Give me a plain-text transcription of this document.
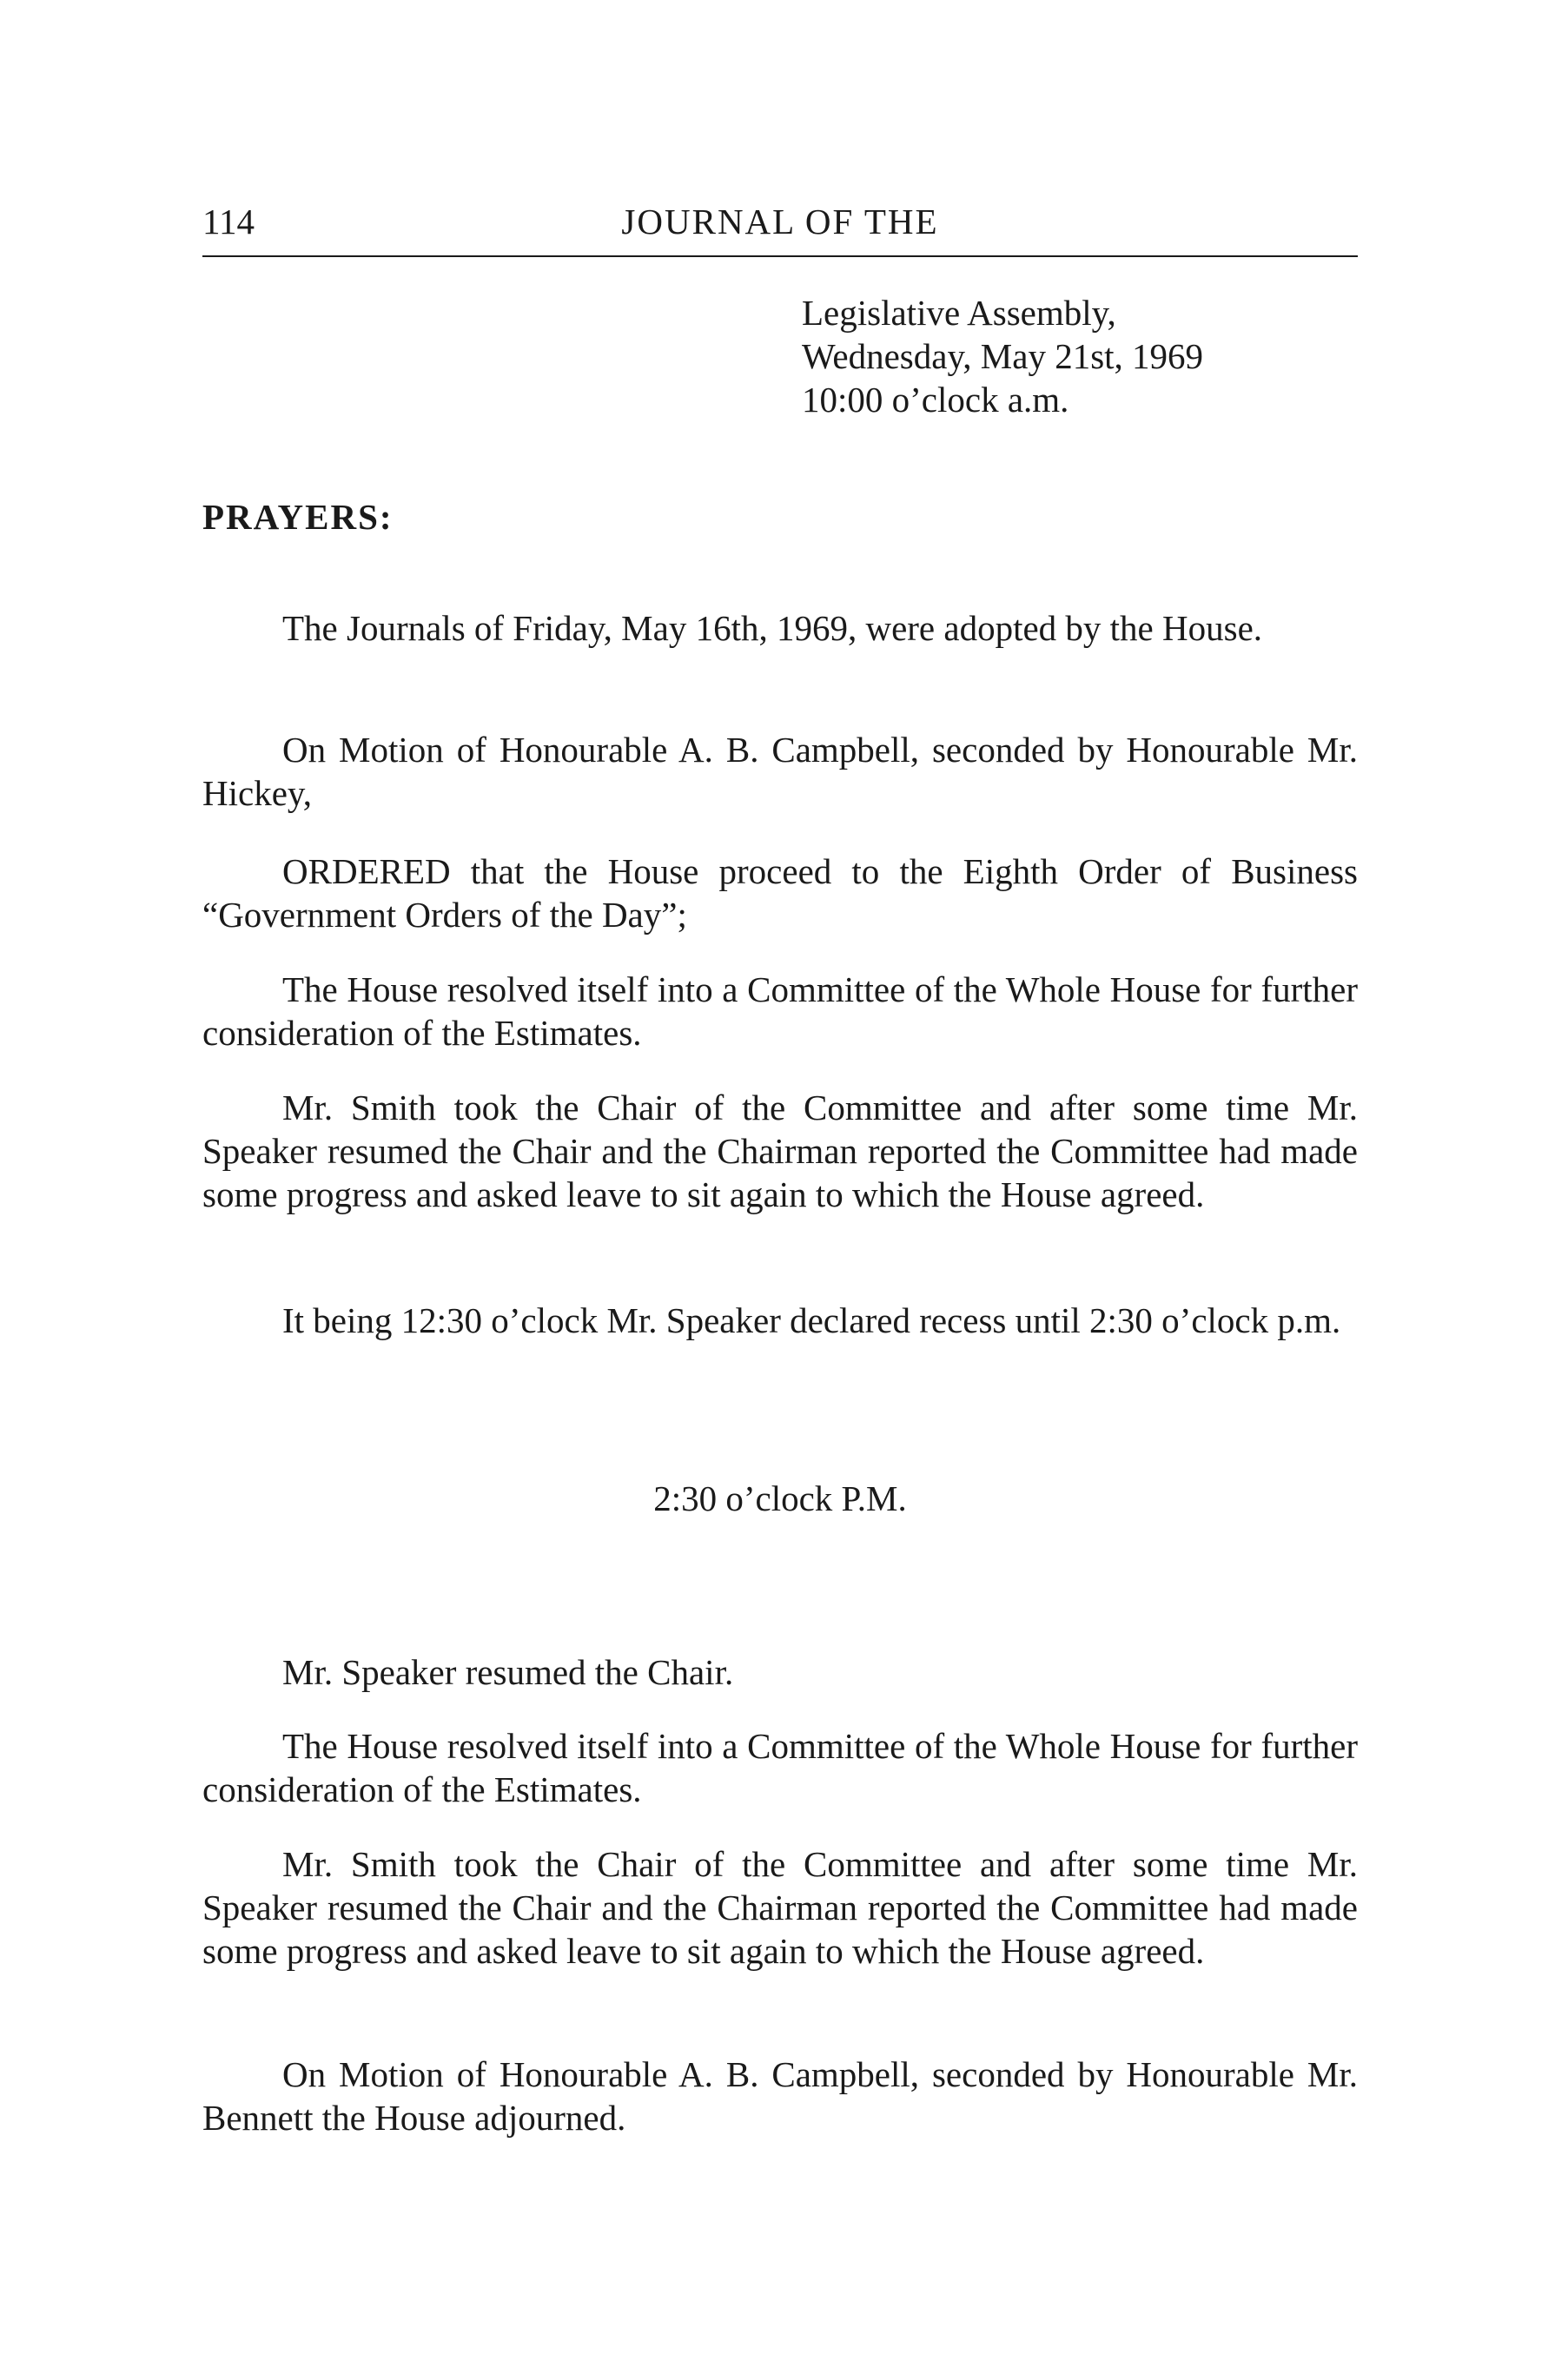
114	JOURNAL OF THE
Legislative Assembly,
Wednesday, May 21st, 1969
10:00 o’clock a.m.
PRAYERS:

The Journals of Friday, May 16th, 1969, were adopted by the House.

On Motion of Honourable A. B. Campbell, seconded by Honourable Mr. Hickey,

ORDERED that the House proceed to the Eighth Order of Business “Government Orders of the Day”;

The House resolved itself into a Committee of the Whole House for further consideration of the Estimates.

Mr. Smith took the Chair of the Committee and after some time Mr. Speaker resumed the Chair and the Chairman reported the Committee had made some progress and asked leave to sit again to which the House agreed.

It being 12:30 o’clock Mr. Speaker declared recess until 2:30 o’clock p.m.

2:30 o’clock P.M.

Mr. Speaker resumed the Chair.

The House resolved itself into a Committee of the Whole House for further consideration of the Estimates.

Mr. Smith took the Chair of the Committee and after some time Mr. Speaker resumed the Chair and the Chairman reported the Committee had made some progress and asked leave to sit again to which the House agreed.

On Motion of Honourable A. B. Campbell, seconded by Honourable Mr. Bennett the House adjourned.
